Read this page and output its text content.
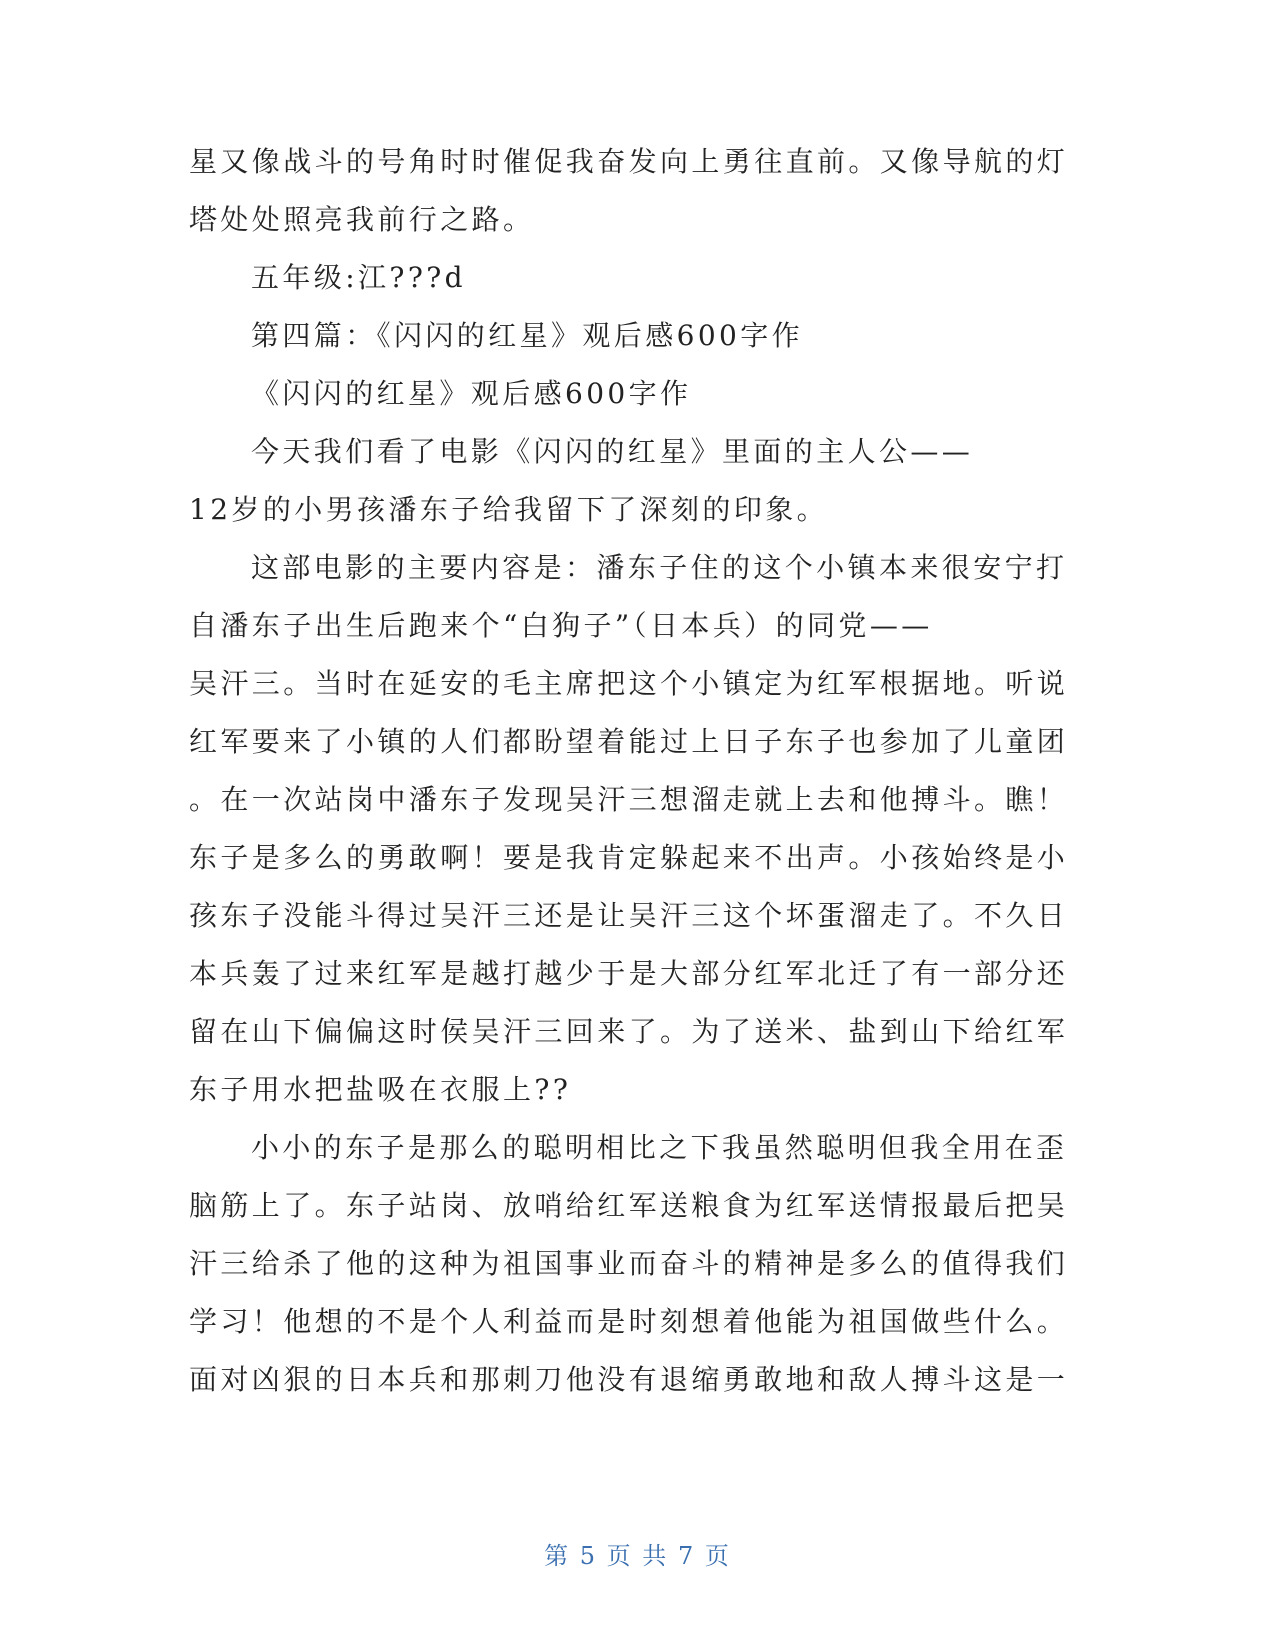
星又像战斗的号角时时催促我奋发向上勇往直前。又像导航的灯
塔处处照亮我前行之路。
五年级:江???d
第四篇：《闪闪的红星》观后感600字作
《闪闪的红星》观后感600字作
今天我们看了电影《闪闪的红星》里面的主人公——
12岁的小男孩潘东子给我留下了深刻的印象。
这部电影的主要内容是：潘东子住的这个小镇本来很安宁打
自潘东子出生后跑来个“白狗子”（日本兵）的同党——
吴汗三。当时在延安的毛主席把这个小镇定为红军根据地。听说
红军要来了小镇的人们都盼望着能过上日子东子也参加了儿童团
。在一次站岗中潘东子发现吴汗三想溜走就上去和他搏斗。瞧！
东子是多么的勇敢啊！要是我肯定躲起来不出声。小孩始终是小
孩东子没能斗得过吴汗三还是让吴汗三这个坏蛋溜走了。不久日
本兵轰了过来红军是越打越少于是大部分红军北迁了有一部分还
留在山下偏偏这时侯吴汗三回来了。为了送米、盐到山下给红军
东子用水把盐吸在衣服上??
小小的东子是那么的聪明相比之下我虽然聪明但我全用在歪
脑筋上了。东子站岗、放哨给红军送粮食为红军送情报最后把吴
汗三给杀了他的这种为祖国事业而奋斗的精神是多么的值得我们
学习！他想的不是个人利益而是时刻想着他能为祖国做些什么。
面对凶狠的日本兵和那刺刀他没有退缩勇敢地和敌人搏斗这是一
第 5 页 共 7 页
